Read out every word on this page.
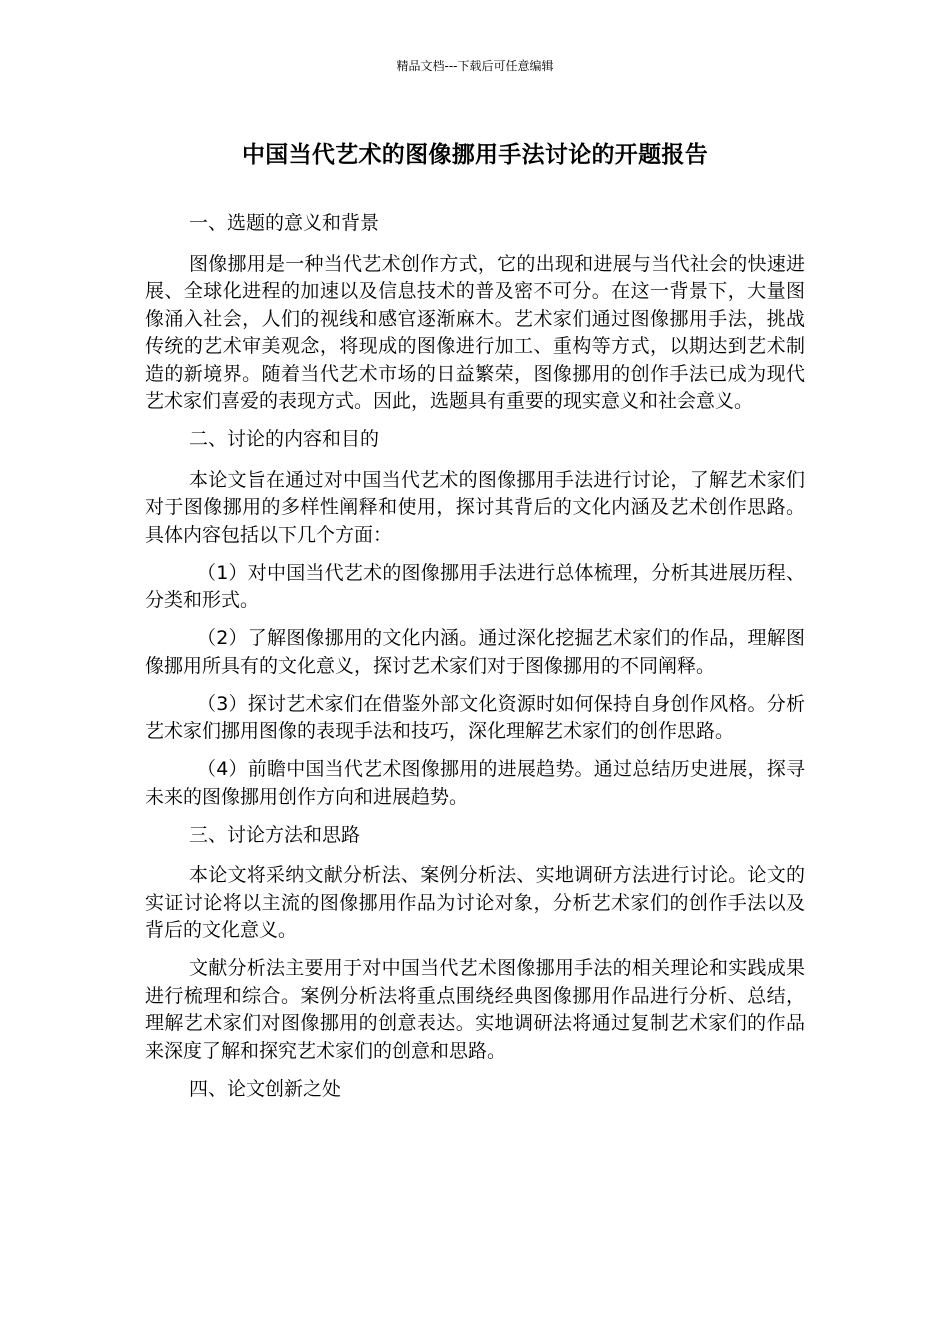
精品文档---下载后可任意编辑
中国当代艺术的图像挪用手法讨论的开题报告

一、选题的意义和背景

图像挪用是一种当代艺术创作方式，它的出现和进展与当代社会的快速进展、全球化进程的加速以及信息技术的普及密不可分。在这一背景下，大量图像涌入社会，人们的视线和感官逐渐麻木。艺术家们通过图像挪用手法，挑战传统的艺术审美观念，将现成的图像进行加工、重构等方式，以期达到艺术制造的新境界。随着当代艺术市场的日益繁荣，图像挪用的创作手法已成为现代艺术家们喜爱的表现方式。因此，选题具有重要的现实意义和社会意义。

二、讨论的内容和目的

本论文旨在通过对中国当代艺术的图像挪用手法进行讨论，了解艺术家们对于图像挪用的多样性阐释和使用，探讨其背后的文化内涵及艺术创作思路。具体内容包括以下几个方面：

（1）对中国当代艺术的图像挪用手法进行总体梳理，分析其进展历程、分类和形式。

（2）了解图像挪用的文化内涵。通过深化挖掘艺术家们的作品，理解图像挪用所具有的文化意义，探讨艺术家们对于图像挪用的不同阐释。

（3）探讨艺术家们在借鉴外部文化资源时如何保持自身创作风格。分析艺术家们挪用图像的表现手法和技巧，深化理解艺术家们的创作思路。

（4）前瞻中国当代艺术图像挪用的进展趋势。通过总结历史进展，探寻未来的图像挪用创作方向和进展趋势。

三、讨论方法和思路

本论文将采纳文献分析法、案例分析法、实地调研方法进行讨论。论文的实证讨论将以主流的图像挪用作品为讨论对象，分析艺术家们的创作手法以及背后的文化意义。

文献分析法主要用于对中国当代艺术图像挪用手法的相关理论和实践成果进行梳理和综合。案例分析法将重点围绕经典图像挪用作品进行分析、总结，理解艺术家们对图像挪用的创意表达。实地调研法将通过复制艺术家们的作品来深度了解和探究艺术家们的创意和思路。

四、论文创新之处
